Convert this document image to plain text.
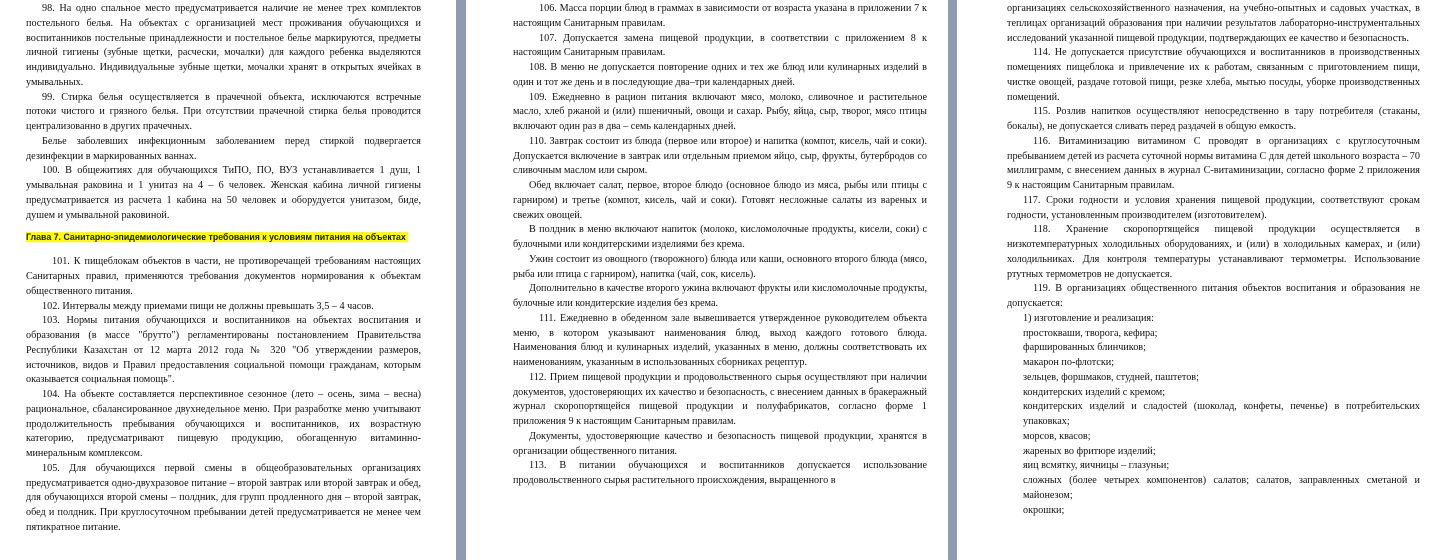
98. На одно спальное место предусматривается наличие не менее трех комплектов постельного белья. На объектах с организацией мест проживания обучающихся и воспитанников постельные принадлежности и постельное белье маркируются, предметы личной гигиены (зубные щетки, расчески, мочалки) для каждого ребенка выделяются индивидуально. Индивидуальные зубные щетки, мочалки хранят в открытых ячейках в умывальных.

99. Стирка белья осуществляется в прачечной объекта, исключаются встречные потоки чистого и грязного белья. При отсутствии прачечной стирка белья проводится централизованно в других прачечных.

Белье заболевших инфекционным заболеванием перед стиркой подвергается дезинфекции в маркированных ваннах.

100. В общежитиях для обучающихся ТиПО, ПО, ВУЗ устанавливается 1 душ, 1 умывальная раковина и 1 унитаз на 4 – 6 человек. Женская кабина личной гигиены предусматривается из расчета 1 кабина на 50 человек и оборудуется унитазом, биде, душем и умывальной раковиной.

Глава 7. Санитарно-эпидемиологические требования к условиям питания на объектах

101. К пищеблокам объектов в части, не противоречащей требованиям настоящих Санитарных правил, применяются требования документов нормирования к объектам общественного питания.

102. Интервалы между приемами пищи не должны превышать 3,5 – 4 часов.

103. Нормы питания обучающихся и воспитанников на объектах воспитания и образования (в массе "брутто") регламентированы постановлением Правительства Республики Казахстан от 12 марта 2012 года № 320 "Об утверждении размеров, источников, видов и Правил предоставления социальной помощи гражданам, которым оказывается социальная помощь".

104. На объекте составляется перспективное сезонное (лето – осень, зима – весна) рациональное, сбалансированное двухнедельное меню. При разработке меню учитывают продолжительность пребывания обучающихся и воспитанников, их возрастную категорию, предусматривают пищевую продукцию, обогащенную витаминно-минеральным комплексом.

105. Для обучающихся первой смены в общеобразовательных организациях предусматривается одно-двухразовое питание – второй завтрак или второй завтрак и обед, для обучающихся второй смены – полдник, для групп продленного дня – второй завтрак, обед и полдник. При круглосуточном пребывании детей предусматривается не менее чем пятикратное питание.

106. Масса порции блюд в граммах в зависимости от возраста указана в приложении 7 к настоящим Санитарным правилам.

107. Допускается замена пищевой продукции, в соответствии с приложением 8 к настоящим Санитарным правилам.

108. В меню не допускается повторение одних и тех же блюд или кулинарных изделий в один и тот же день и в последующие два–три календарных дней.

109. Ежедневно в рацион питания включают мясо, молоко, сливочное и растительное масло, хлеб ржаной и (или) пшеничный, овощи и сахар. Рыбу, яйца, сыр, творог, мясо птицы включают один раз в два – семь календарных дней.

110. Завтрак состоит из блюда (первое или второе) и напитка (компот, кисель, чай и соки). Допускается включение в завтрак или отдельным приемом яйцо, сыр, фрукты, бутербродов со сливочным маслом или сыром.

Обед включает салат, первое, второе блюдо (основное блюдо из мяса, рыбы или птицы с гарниром) и третье (компот, кисель, чай и соки). Готовят несложные салаты из вареных и свежих овощей.

В полдник в меню включают напиток (молоко, кисломолочные продукты, кисели, соки) с булочными или кондитерскими изделиями без крема.

Ужин состоит из овощного (творожного) блюда или каши, основного второго блюда (мясо, рыба или птица с гарниром), напитка (чай, сок, кисель).

Дополнительно в качестве второго ужина включают фрукты или кисломолочные продукты, булочные или кондитерские изделия без крема.

111. Ежедневно в обеденном зале вывешивается утвержденное руководителем объекта меню, в котором указывают наименования блюд, выход каждого готового блюда. Наименования блюд и кулинарных изделий, указанных в меню, должны соответствовать их наименованиям, указанным в использованных сборниках рецептур.

112. Прием пищевой продукции и продовольственного сырья осуществляют при наличии документов, удостоверяющих их качество и безопасность, с внесением данных в бракеражный журнал скоропортящейся пищевой продукции и полуфабрикатов, согласно форме 1 приложения 9 к настоящим Санитарным правилам.

Документы, удостоверяющие качество и безопасность пищевой продукции, хранятся в организации общественного питания.

113. В питании обучающихся и воспитанников допускается использование продовольственного сырья растительного происхождения, выращенного в

организациях сельскохозяйственного назначения, на учебно-опытных и садовых участках, в теплицах организаций образования при наличии результатов лабораторно-инструментальных исследований указанной пищевой продукции, подтверждающих ее качество и безопасность.

114. Не допускается присутствие обучающихся и воспитанников в производственных помещениях пищеблока и привлечение их к работам, связанным с приготовлением пищи, чистке овощей, раздаче готовой пищи, резке хлеба, мытью посуды, уборке производственных помещений.

115. Розлив напитков осуществляют непосредственно в тару потребителя (стаканы, бокалы), не допускается сливать перед раздачей в общую емкость.

116. Витаминизацию витамином С проводят в организациях с круглосуточным пребыванием детей из расчета суточной нормы витамина С для детей школьного возраста – 70 миллиграмм, с внесением данных в журнал С-витаминизации, согласно форме 2 приложения 9 к настоящим Санитарным правилам.

117. Сроки годности и условия хранения пищевой продукции, соответствуют срокам годности, установленным производителем (изготовителем).

118. Хранение скоропортящейся пищевой продукции осуществляется в низкотемпературных холодильных оборудованиях, и (или) в холодильных камерах, и (или) холодильниках. Для контроля температуры устанавливают термометры. Использование ртутных термометров не допускается.

119. В организациях общественного питания объектов воспитания и образования не допускается:

1) изготовление и реализация:

простокваши, творога, кефира;

фаршированных блинчиков;

макарон по-флотски;

зельцев, форшмаков, студней, паштетов;

кондитерских изделий с кремом;

кондитерских изделий и сладостей (шоколад, конфеты, печенье) в потребительских упаковках;

морсов, квасов;

жареных во фритюре изделий;

яиц всмятку, яичницы – глазуньи;

сложных (более четырех компонентов) салатов; салатов, заправленных сметаной и майонезом;

окрошки;
